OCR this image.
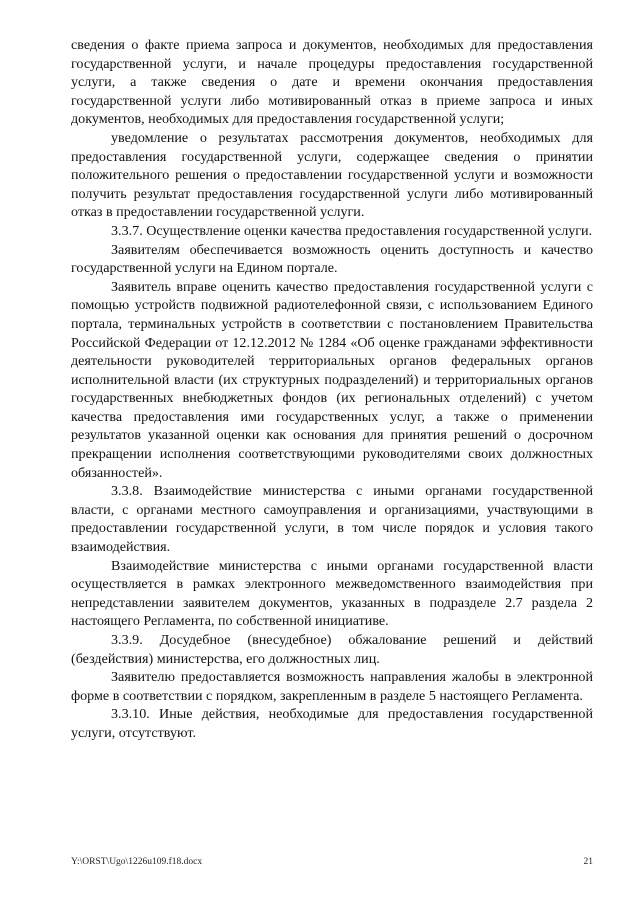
сведения о факте приема запроса и документов, необходимых для предоставления государственной услуги, и начале процедуры предоставления государственной услуги, а также сведения о дате и времени окончания предоставления государственной услуги либо мотивированный отказ в приеме запроса и иных документов, необходимых для предоставления государственной услуги;

уведомление о результатах рассмотрения документов, необходимых для предоставления государственной услуги, содержащее сведения о принятии положительного решения о предоставлении государственной услуги и возможности получить результат предоставления государственной услуги либо мотивированный отказ в предоставлении государственной услуги.

3.3.7. Осуществление оценки качества предоставления государственной услуги.

Заявителям обеспечивается возможность оценить доступность и качество государственной услуги на Едином портале.

Заявитель вправе оценить качество предоставления государственной услуги с помощью устройств подвижной радиотелефонной связи, с использованием Единого портала, терминальных устройств в соответствии с постановлением Правительства Российской Федерации от 12.12.2012 № 1284 «Об оценке гражданами эффективности деятельности руководителей территориальных органов федеральных органов исполнительной власти (их структурных подразделений) и территориальных органов государственных внебюджетных фондов (их региональных отделений) с учетом качества предоставления ими государственных услуг, а также о применении результатов указанной оценки как основания для принятия решений о досрочном прекращении исполнения соответствующими руководителями своих должностных обязанностей».

3.3.8. Взаимодействие министерства с иными органами государственной власти, с органами местного самоуправления и организациями, участвующими в предоставлении государственной услуги, в том числе порядок и условия такого взаимодействия.

Взаимодействие министерства с иными органами государственной власти осуществляется в рамках электронного межведомственного взаимодействия при непредставлении заявителем документов, указанных в подразделе 2.7 раздела 2 настоящего Регламента, по собственной инициативе.

3.3.9. Досудебное (внесудебное) обжалование решений и действий (бездействия) министерства, его должностных лиц.

Заявителю предоставляется возможность направления жалобы в электронной форме в соответствии с порядком, закрепленным в разделе 5 настоящего Регламента.

3.3.10. Иные действия, необходимые для предоставления государственной услуги, отсутствуют.

Y:\ORST\Ugo\1226u109.f18.docx	21
